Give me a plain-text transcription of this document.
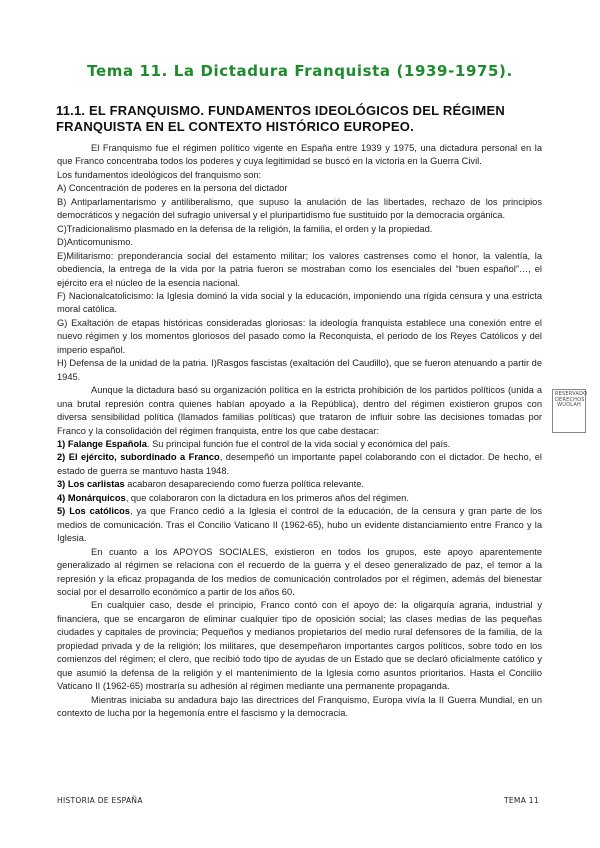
Tema 11. La Dictadura Franquista (1939-1975).
11.1. EL FRANQUISMO. FUNDAMENTOS IDEOLÓGICOS DEL RÉGIMEN FRANQUISTA EN EL CONTEXTO HISTÓRICO EUROPEO.

El Franquismo fue el régimen político vigente en España entre 1939 y 1975, una dictadura personal en la que Franco concentraba todos los poderes y cuya legitimidad se buscó en la victoria en la Guerra Civil.

Los fundamentos ideológicos del franquismo son:

A) Concentración de poderes en la persona del dictador

B) Antiparlamentarismo y antiliberalismo, que supuso la anulación de las libertades, rechazo de los principios democráticos y negación del sufragio universal y el pluripartidismo fue sustituido por la democracia orgánica.

C)Tradicionalismo plasmado en la defensa de la religión, la familia, el orden y la propiedad.

D)Anticomunismo.

E)Militarismo: preponderancia social del estamento militar; los valores castrenses como el honor, la valentía, la obediencia, la entrega de la vida por la patria fueron se mostraban como los esenciales del “buen español”…, el ejército era el núcleo de la esencia nacional.

F) Nacionalcatolicismo: la Iglesia dominó la vida social y la educación, imponiendo una rígida censura y una estricta moral católica.

G) Exaltación de etapas históricas consideradas gloriosas: la ideología franquista establece una conexión entre el nuevo régimen y los momentos gloriosos del pasado como la Reconquista, el periodo de los Reyes Católicos y del imperio español.

H) Defensa de la unidad de la patria. I)Rasgos fascistas (exaltación del Caudillo), que se fueron atenuando a partir de 1945.

Aunque la dictadura basó su organización política en la estricta prohibición de los partidos políticos (unida a una brutal represión contra quienes habían apoyado a la República), dentro del régimen existieron grupos con diversa sensibilidad política (llamados familias políticas) que trataron de influir sobre las decisiones tomadas por Franco y la consolidación del régimen franquista, entre los que cabe destacar:

1) Falange Española. Su principal función fue el control de la vida social y económica del país.

2) El ejército, subordinado a Franco, desempeñó un importante papel colaborando con el dictador. De hecho, el estado de guerra se mantuvo hasta 1948.

3) Los carlistas acabaron desapareciendo como fuerza política relevante.

4) Monárquicos, que colaboraron con la dictadura en los primeros años del régimen.

5) Los católicos, ya que Franco cedió a la Iglesia el control de la educación, de la censura y gran parte de los medios de comunicación. Tras el Concilio Vaticano II (1962-65), hubo un evidente distanciamiento entre Franco y la Iglesia.

En cuanto a los APOYOS SOCIALES, existieron en todos los grupos, este apoyo aparentemente generalizado al régimen se relaciona con el recuerdo de la guerra y el deseo generalizado de paz, el temor a la represión y la eficaz propaganda de los medios de comunicación controlados por el régimen, además del bienestar social por el desarrollo económico a partir de los años 60.

En cualquier caso, desde el principio, Franco contó con el apoyo de: la oligarquía agraria, industrial y financiera, que se encargaron de eliminar cualquier tipo de oposición social; las clases medias de las pequeñas ciudades y capitales de provincia; Pequeños y medianos propietarios del medio rural defensores de la familia, de la propiedad privada y de la religión; los militares, que desempeñaron importantes cargos políticos, sobre todo en los comienzos del régimen; el clero, que recibió todo tipo de ayudas de un Estado que se declaró oficialmente católico y que asumió la defensa de la religión y el mantenimiento de la Iglesia como asuntos prioritarios. Hasta el Concilio Vaticano II (1962-65) mostraría su adhesión al régimen mediante una permanente propaganda.

Mientras iniciaba su andadura bajo las directrices del Franquismo, Europa vivía la II Guerra Mundial, en un contexto de lucha por la hegemonía entre el fascismo y la democracia.

RESERVADO
DERECHOS
WUOLAH
HISTORIA DE ESPAÑA	TEMA 11
